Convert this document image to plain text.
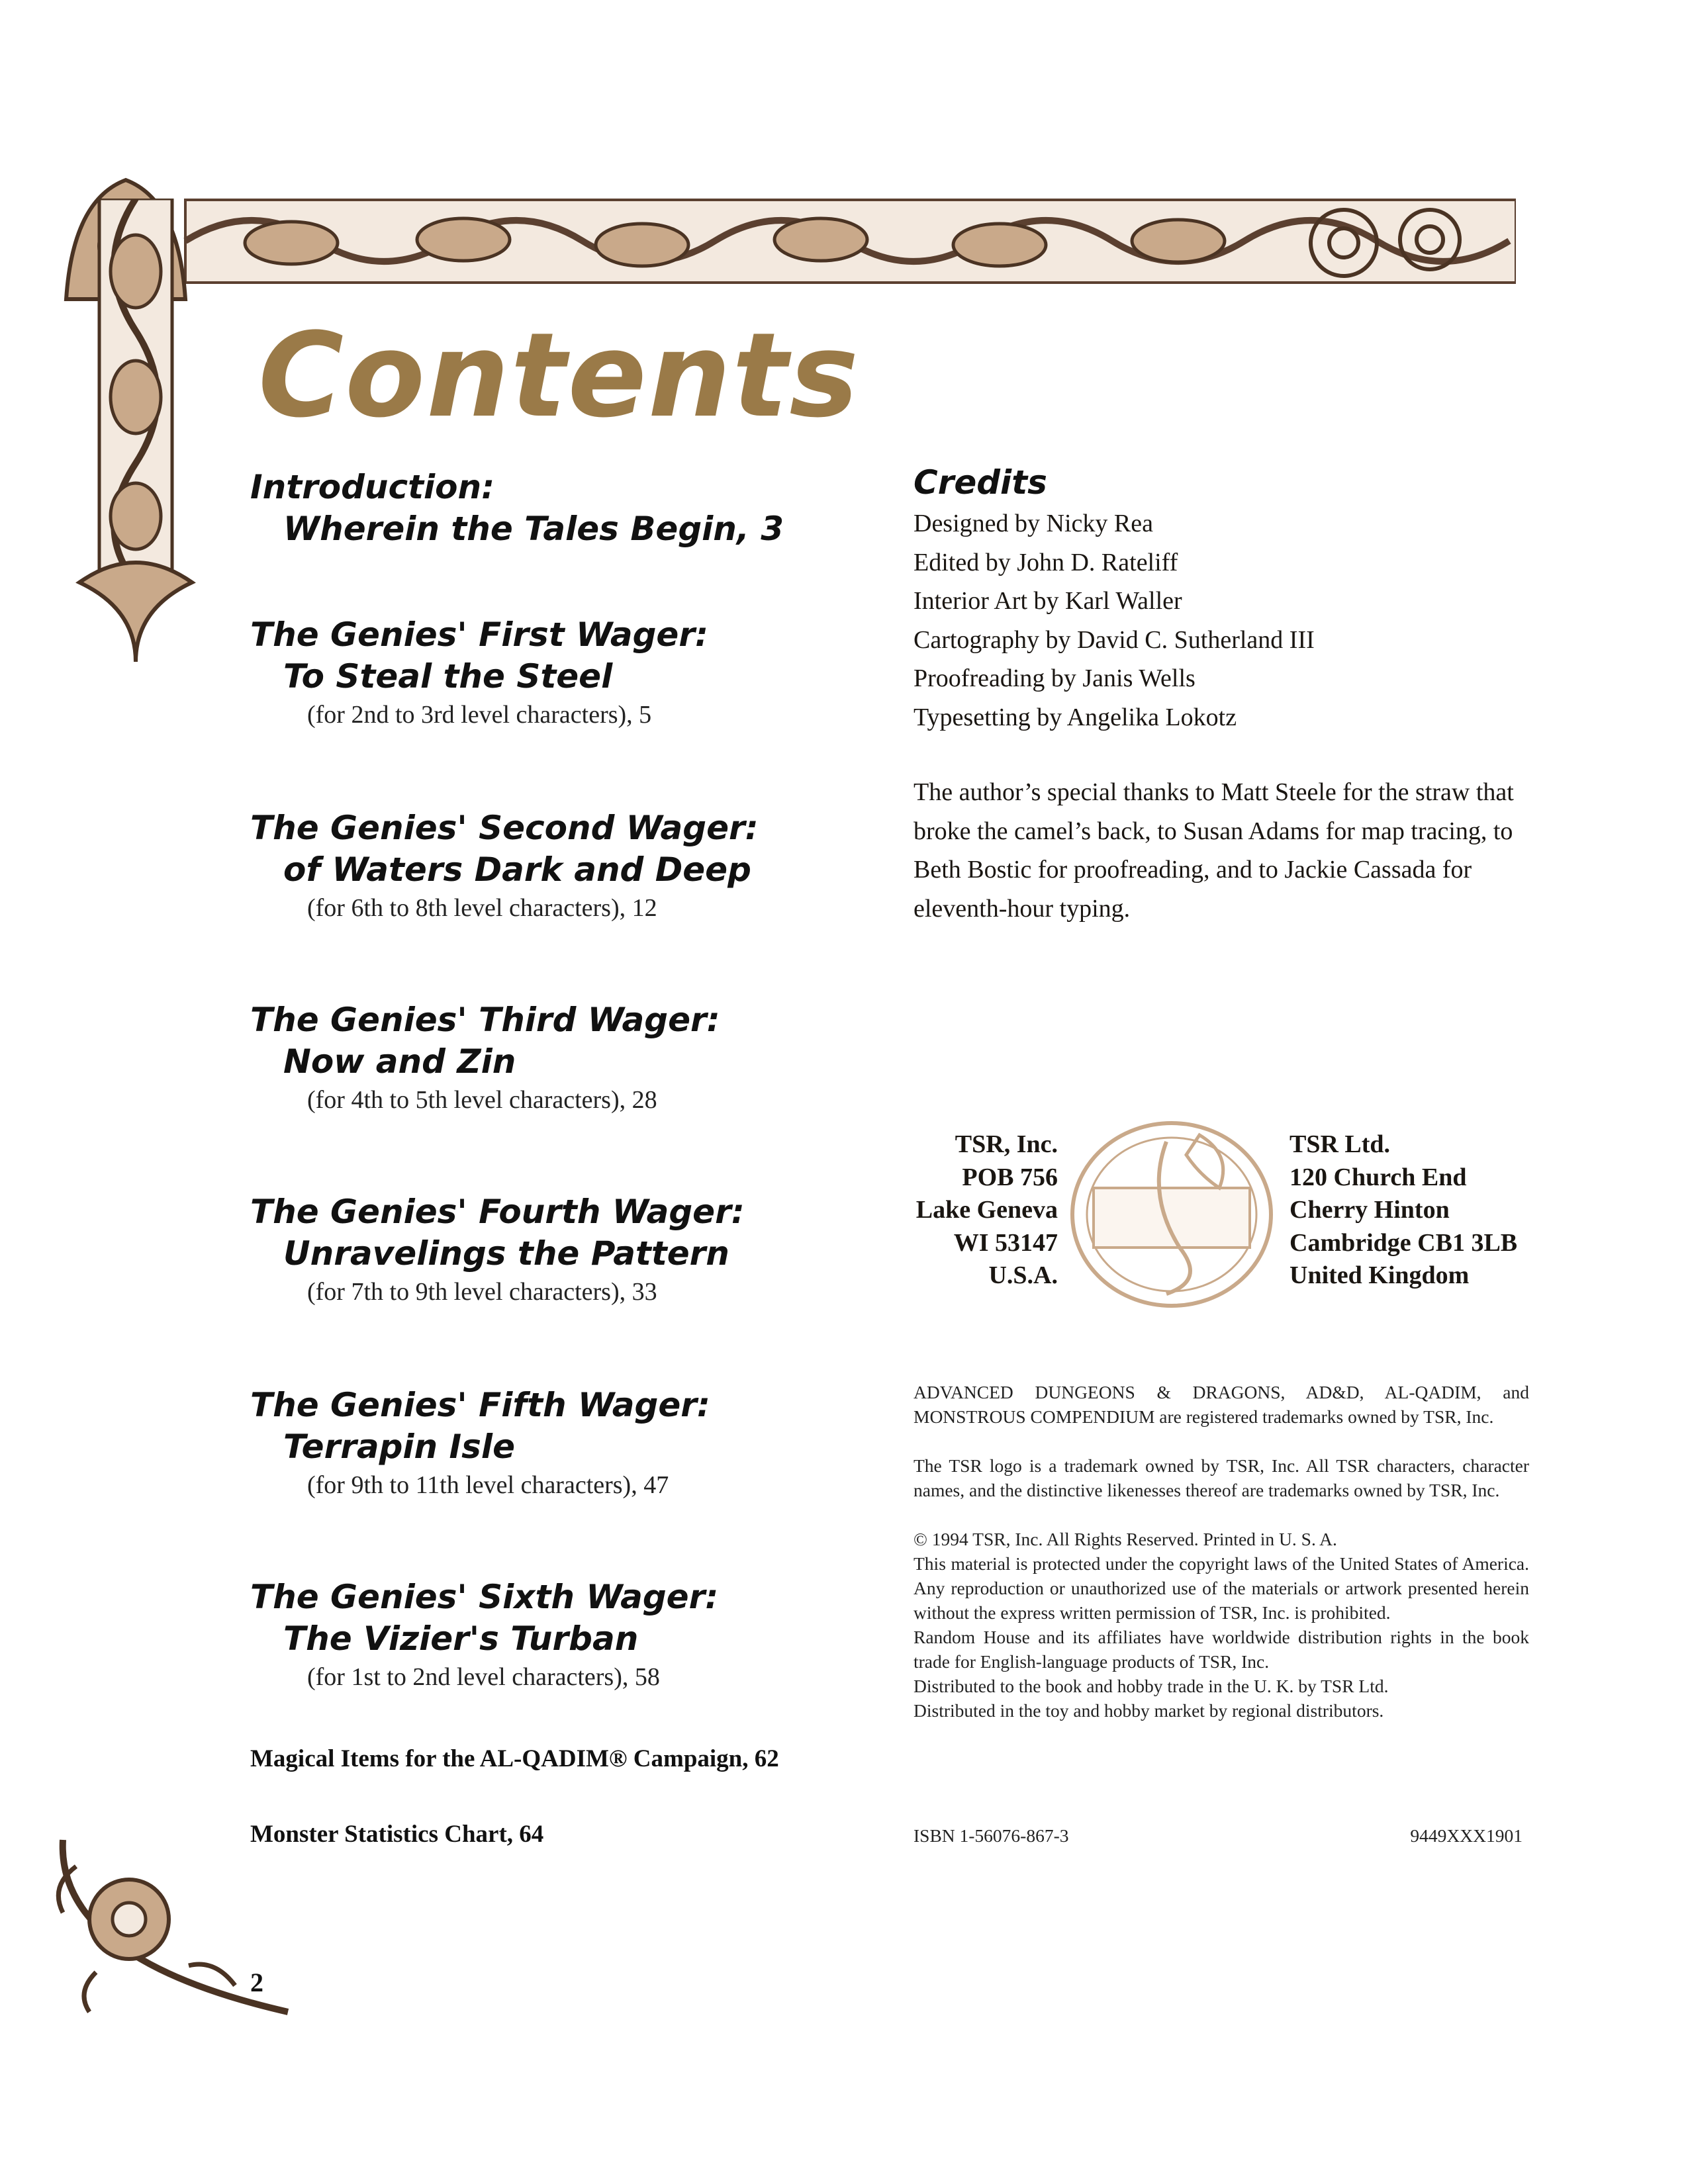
Contents
Introduction:
Wherein the Tales Begin, 3
The Genies' First Wager:
To Steal the Steel
(for 2nd to 3rd level characters), 5
The Genies' Second Wager:
of Waters Dark and Deep
(for 6th to 8th level characters), 12
The Genies' Third Wager:
Now and Zin
(for 4th to 5th level characters), 28
The Genies' Fourth Wager:
Unravelings the Pattern
(for 7th to 9th level characters), 33
The Genies' Fifth Wager:
Terrapin Isle
(for 9th to 11th level characters), 47
The Genies' Sixth Wager:
The Vizier's Turban
(for 1st to 2nd level characters), 58
Magical Items for the AL-QADIM® Campaign, 62
Monster Statistics Chart, 64
Credits
Designed by Nicky Rea
Edited by John D. Rateliff
Interior Art by Karl Waller
Cartography by David C. Sutherland III
Proofreading by Janis Wells
Typesetting by Angelika Lokotz
The author’s special thanks to Matt Steele for the straw that broke the camel’s back, to Susan Adams for map tracing, to Beth Bostic for proofreading, and to Jackie Cassada for eleventh-hour typing.
TSR, Inc.
POB 756
Lake Geneva
WI 53147
U.S.A.
TSR Ltd.
120 Church End
Cherry Hinton
Cambridge CB1 3LB
United Kingdom

ADVANCED DUNGEONS & DRAGONS, AD&D, AL-QADIM, and MONSTROUS COMPENDIUM are registered trademarks owned by TSR, Inc.

The TSR logo is a trademark owned by TSR, Inc. All TSR characters, character names, and the distinctive likenesses thereof are trademarks owned by TSR, Inc.

© 1994 TSR, Inc. All Rights Reserved. Printed in U. S. A.

This material is protected under the copyright laws of the United States of America. Any reproduction or unauthorized use of the materials or artwork presented herein without the express written permission of TSR, Inc. is prohibited.

Random House and its affiliates have worldwide distribution rights in the book trade for English-language products of TSR, Inc.

Distributed to the book and hobby trade in the U. K. by TSR Ltd.

Distributed in the toy and hobby market by regional distributors.

ISBN 1-56076-867-3	9449XXX1901
2
